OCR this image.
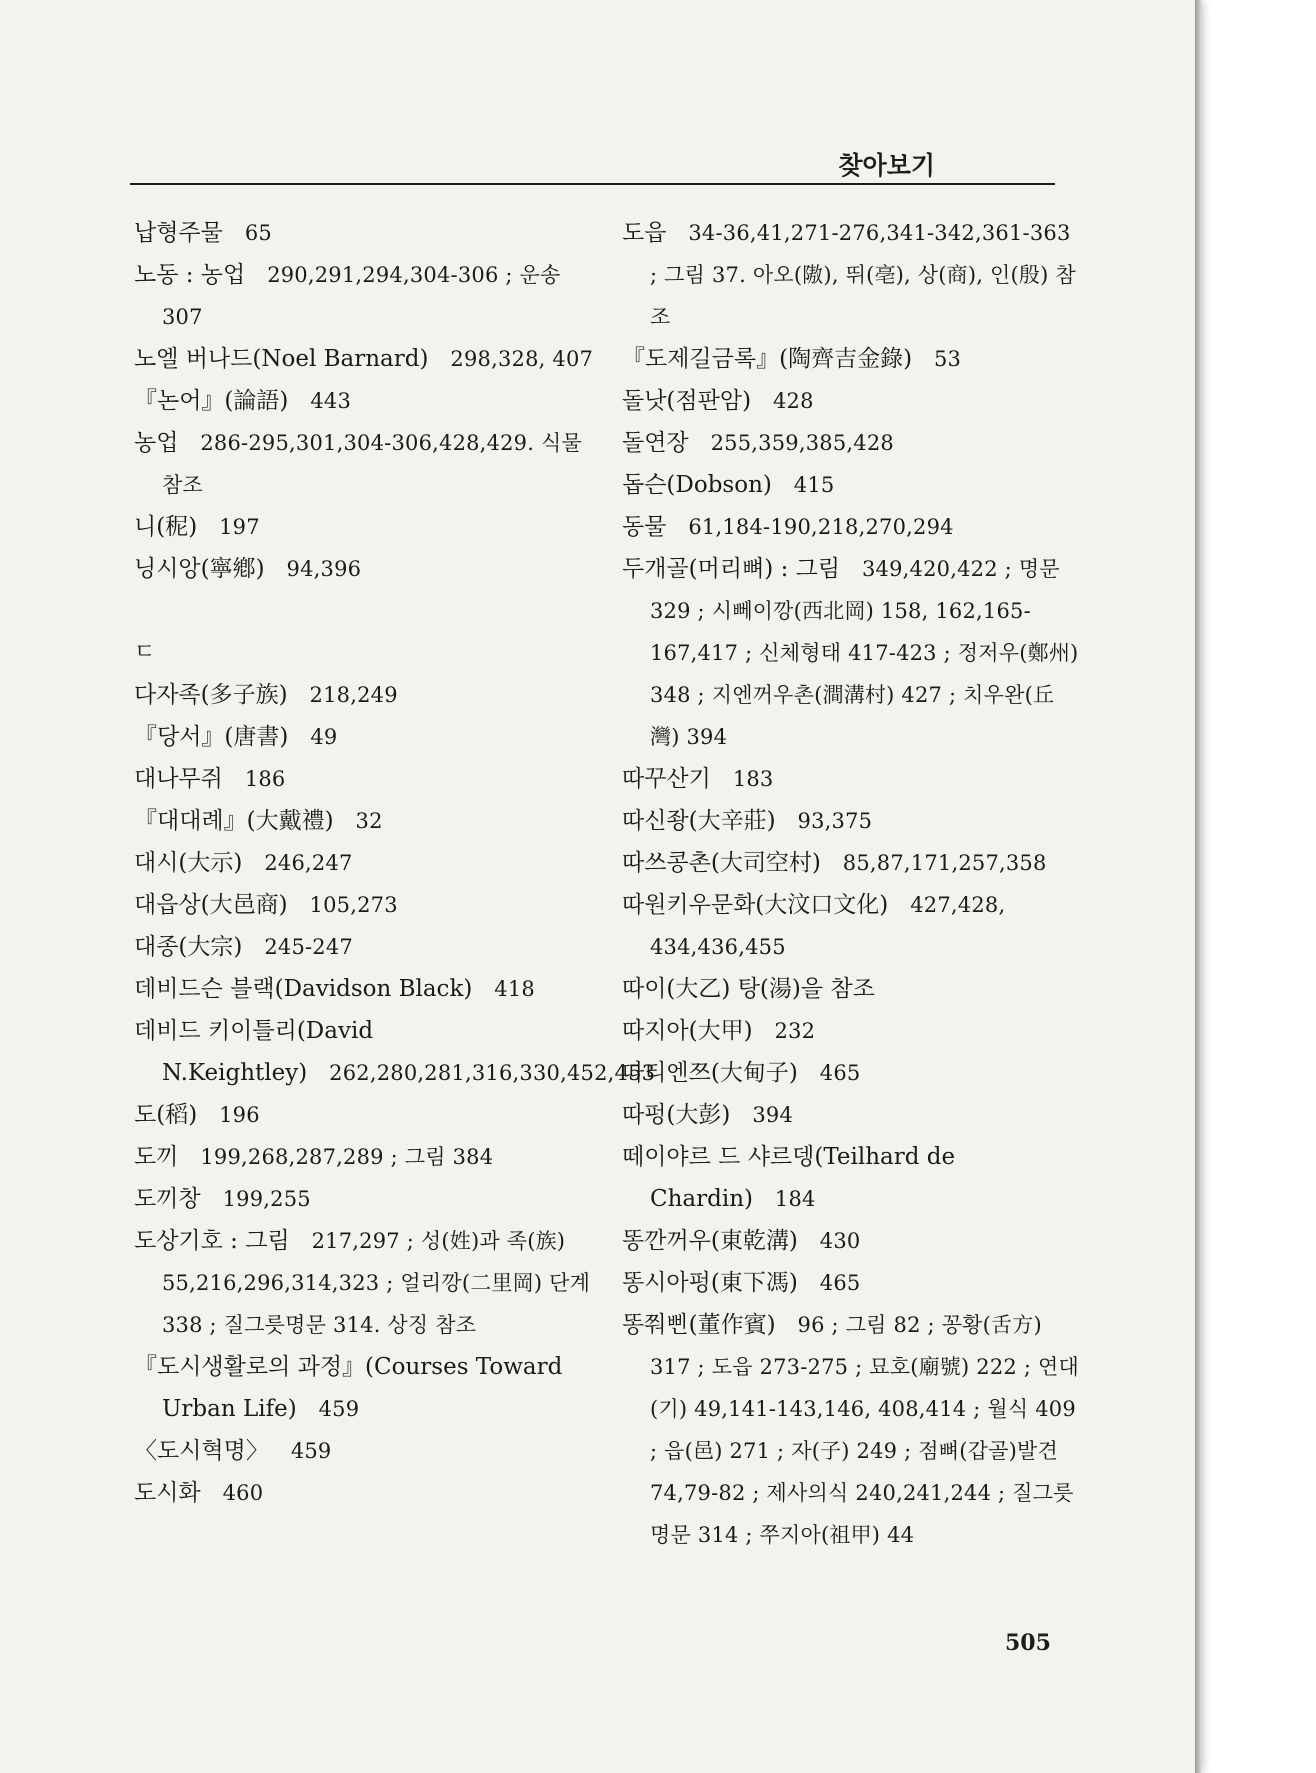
찾아보기

납형주물 65

노동 : 농업 290,291,294,304-306 ; 운송 307

노엘 버나드(Noel Barnard) 298,328, 407

『논어』(論語) 443

농업 286-295,301,304-306,428,429. 식물 참조

니(秜) 197

닝시앙(寧鄕) 94,396

ㄷ

다자족(多子族) 218,249

『당서』(唐書) 49

대나무쥐 186

『대대례』(大戴禮) 32

대시(大示) 246,247

대읍상(大邑商) 105,273

대종(大宗) 245-247

데비드슨 블랙(Davidson Black) 418

데비드 키이틀리(David N.Keightley) 262,280,281,316,330,452,453

도(稻) 196

도끼 199,268,287,289 ; 그림 384

도끼창 199,255

도상기호 : 그림 217,297 ; 성(姓)과 족(族) 55,216,296,314,323 ; 얼리깡(二里岡) 단계 338 ; 질그릇명문 314. 상징 참조

『도시생활로의 과정』(Courses Toward Urban Life) 459

〈도시혁명〉 459

도시화 460

도읍 34-36,41,271-276,341-342,361-363 ; 그림 37. 아오(隞), 뛰(亳), 상(商), 인(殷) 참조

『도제길금록』(陶齊吉金錄) 53

돌낫(점판암) 428

돌연장 255,359,385,428

돕슨(Dobson) 415

동물 61,184-190,218,270,294

두개골(머리뼈) : 그림 349,420,422 ; 명문 329 ; 시뻬이깡(西北岡) 158, 162,165-167,417 ; 신체형태 417-423 ; 정저우(鄭州) 348 ; 지엔꺼우촌(澗溝村) 427 ; 치우완(丘灣) 394

따꾸산기 183

따신좡(大辛莊) 93,375

따쓰콩촌(大司空村) 85,87,171,257,358

따원키우문화(大汶口文化) 427,428, 434,436,455

따이(大乙) 탕(湯)을 참조

따지아(大甲) 232

따티엔쯔(大甸子) 465

따펑(大彭) 394

떼이야르 드 샤르뎅(Teilhard de Chardin) 184

똥깐꺼우(東乾溝) 430

똥시아펑(東下馮) 465

똥쭤삔(董作賓) 96 ; 그림 82 ; 꽁황(舌方) 317 ; 도읍 273-275 ; 묘호(廟號) 222 ; 연대(기) 49,141-143,146, 408,414 ; 월식 409 ; 읍(邑) 271 ; 자(子) 249 ; 점뼈(갑골)발견 74,79-82 ; 제사의식 240,241,244 ; 질그릇명문 314 ; 쭈지아(祖甲) 44

505
